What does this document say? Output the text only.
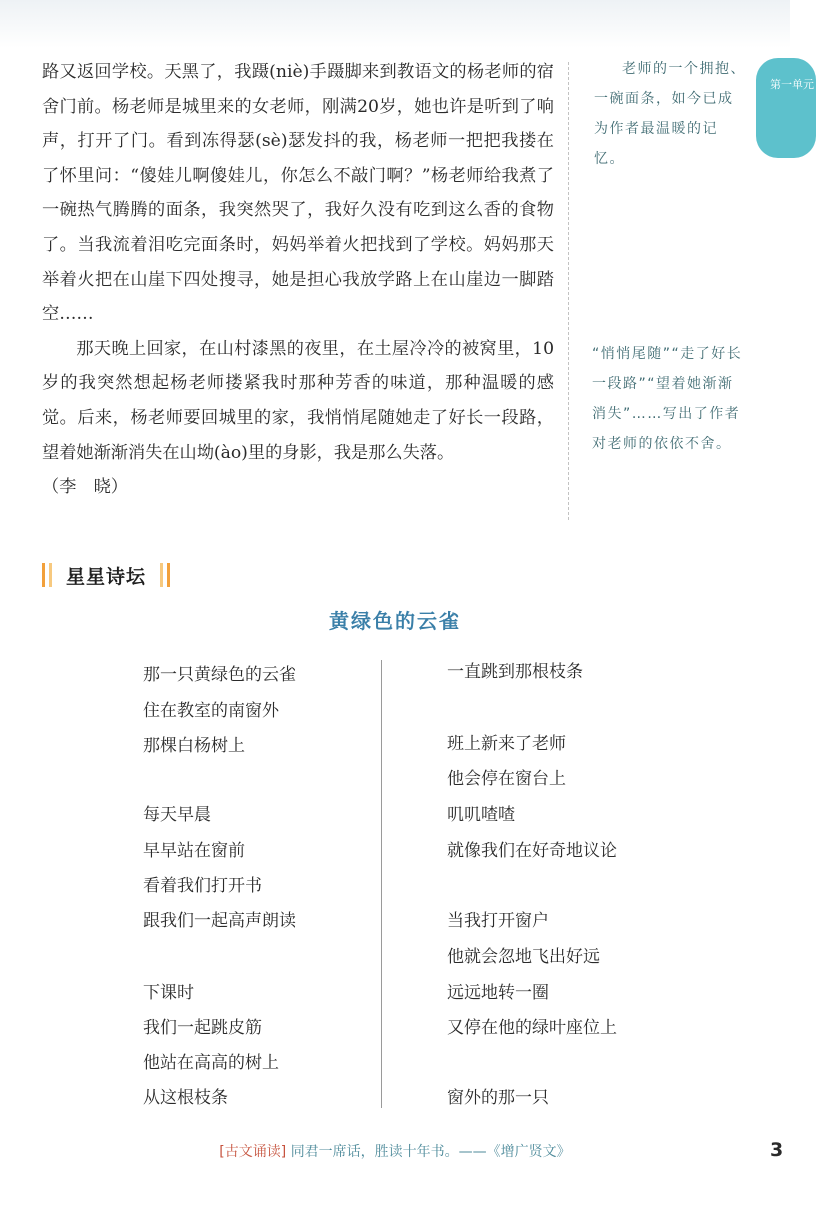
路又返回学校。天黑了，我蹑(niè)手蹑脚来到教语文的杨老师的宿舍门前。杨老师是城里来的女老师，刚满20岁，她也许是听到了响声，打开了门。看到冻得瑟(sè)瑟发抖的我，杨老师一把把我搂在了怀里问：“傻娃儿啊傻娃儿，你怎么不敲门啊？”杨老师给我煮了一碗热气腾腾的面条，我突然哭了，我好久没有吃到这么香的食物了。当我流着泪吃完面条时，妈妈举着火把找到了学校。妈妈那天举着火把在山崖下四处搜寻，她是担心我放学路上在山崖边一脚踏空……

那天晚上回家，在山村漆黑的夜里，在土屋冷冷的被窝里，10岁的我突然想起杨老师搂紧我时那种芳香的味道，那种温暖的感觉。后来，杨老师要回城里的家，我悄悄尾随她走了好长一段路，望着她渐渐消失在山坳(ào)里的身影，我是那么失落。

（李　晓）

老师的一个拥抱、一碗面条，如今已成为作者最温暖的记忆。
“悄悄尾随”“走了好长一段路”“望着她渐渐消失”……写出了作者对老师的依依不舍。
第一单元
星星诗坛
黄绿色的云雀
那一只黄绿色的云雀
住在教室的南窗外
那棵白杨树上
每天早晨
早早站在窗前
看着我们打开书
跟我们一起高声朗读
下课时
我们一起跳皮筋
他站在高高的树上
从这根枝条
一直跳到那根枝条
班上新来了老师
他会停在窗台上
叽叽喳喳
就像我们在好奇地议论
当我打开窗户
他就会忽地飞出好远
远远地转一圈
又停在他的绿叶座位上
窗外的那一只
[古文诵读] 同君一席话，胜读十年书。——《增广贤文》	3
